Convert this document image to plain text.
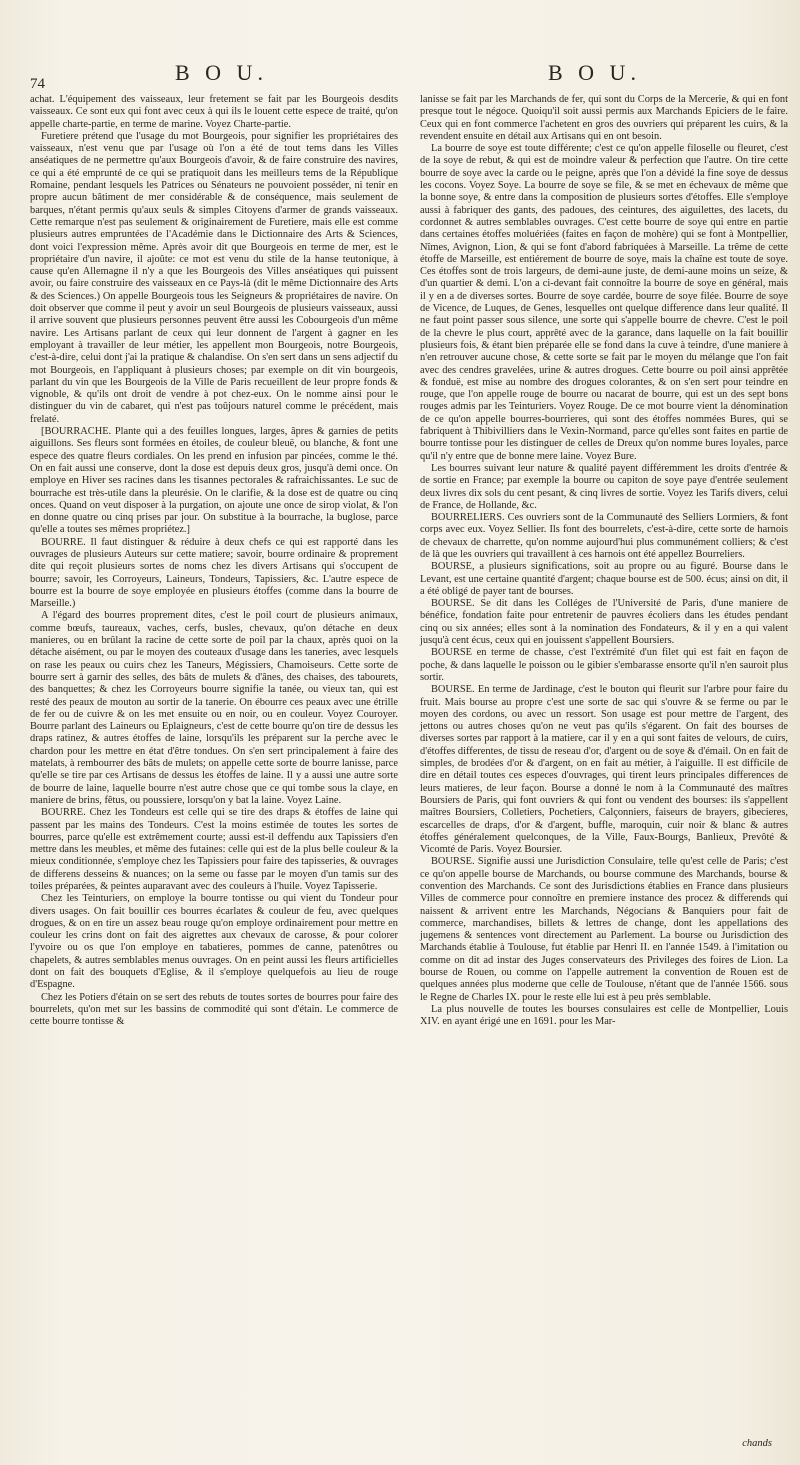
74	B O U.	B O U.

achat. L'équipement des vaisseaux, leur fretement se fait par les Bourgeois desdits vaisseaux. Ce sont eux qui font avec ceux à qui ils le louent cette espece de traité, qu'on appelle charte-partie, en terme de marine. Voyez Charte-partie.

Furetiere prétend que l'usage du mot Bourgeois, pour signifier les propriétaires des vaisseaux, n'est venu que par l'usage où l'on a été de tout tems dans les Villes anséatiques de ne permettre qu'aux Bourgeois d'avoir, & de faire construire des navires, ce qui a été emprunté de ce qui se pratiquoit dans les meilleurs tems de la République Romaine, pendant lesquels les Patrices ou Sénateurs ne pouvoient posséder, ni tenir en propre aucun bâtiment de mer considérable & de conséquence, mais seulement de barques, n'étant permis qu'aux seuls & simples Citoyens d'armer de grands vaisseaux. Cette remarque n'est pas seulement & originairement de Furetiere, mais elle est comme plusieurs autres empruntées de l'Académie dans le Dictionnaire des Arts & Sciences, dont voici l'expression même. Après avoir dit que Bourgeois en terme de mer, est le propriétaire d'un navire, il ajoûte: ce mot est venu du stile de la hanse teutonique, à cause qu'en Allemagne il n'y a que les Bourgeois des Villes anséatiques qui puissent avoir, ou faire construire des vaisseaux en ce Pays-là (dit le même Dictionnaire des Arts & des Sciences.) On appelle Bourgeois tous les Seigneurs & propriétaires de navire. On doit observer que comme il peut y avoir un seul Bourgeois de plusieurs vaisseaux, aussi il arrive souvent que plusieurs personnes peuvent être aussi les Cobourgeois d'un même navire. Les Artisans parlant de ceux qui leur donnent de l'argent à gagner en les employant à travailler de leur métier, les appellent mon Bourgeois, notre Bourgeois, c'est-à-dire, celui dont j'ai la pratique & chalandise. On s'en sert dans un sens adjectif du mot Bourgeois, en l'appliquant à plusieurs choses; par exemple on dit vin bourgeois, parlant du vin que les Bourgeois de la Ville de Paris recueillent de leur propre fonds & vignoble, & qu'ils ont droit de vendre à pot chez-eux. On le nomme ainsi pour le distinguer du vin de cabaret, qui n'est pas toûjours naturel comme le précédent, mais frelaté.

[BOURRACHE. Plante qui a des feuilles longues, larges, âpres & garnies de petits aiguillons. Ses fleurs sont formées en étoiles, de couleur bleuë, ou blanche, & font une espece des quatre fleurs cordiales. On les prend en infusion par pincées, comme le thé. On en fait aussi une conserve, dont la dose est depuis deux gros, jusqu'à demi once. On employe en Hiver ses racines dans les tisannes pectorales & rafraichissantes. Le suc de bourrache est très-utile dans la pleurésie. On le clarifie, & la dose est de quatre ou cinq onces. Quand on veut disposer à la purgation, on ajoute une once de sirop violat, & l'on en donne quatre ou cinq prises par jour. On substitue à la bourrache, la buglose, parce qu'elle a toutes ses mêmes propriétez.]

BOURRE. Il faut distinguer & réduire à deux chefs ce qui est rapporté dans les ouvrages de plusieurs Auteurs sur cette matiere; savoir, bourre ordinaire & proprement dite qui reçoit plusieurs sortes de noms chez les divers Artisans qui s'occupent de bourre; savoir, les Corroyeurs, Laineurs, Tondeurs, Tapissiers, &c. L'autre espece de bourre est la bourre de soye employée en plusieurs étoffes (comme dans la bourre de Marseille.)

A l'égard des bourres proprement dites, c'est le poil court de plusieurs animaux, comme bœufs, taureaux, vaches, cerfs, busles, chevaux, qu'on détache en deux manieres, ou en brûlant la racine de cette sorte de poil par la chaux, après quoi on la détache aisément, ou par le moyen des couteaux d'usage dans les taneries, avec lesquels on rase les peaux ou cuirs chez les Taneurs, Mégissiers, Chamoiseurs. Cette sorte de bourre sert à garnir des selles, des bâts de mulets & d'ânes, des chaises, des tabourets, des banquettes; & chez les Corroyeurs bourre signifie la tanée, ou vieux tan, qui est resté des peaux de mouton au sortir de la tanerie. On ébourre ces peaux avec une étrille de fer ou de cuivre & on les met ensuite ou en noir, ou en couleur. Voyez Couroyer. Bourre parlant des Laineurs ou Eplaigneurs, c'est de cette bourre qu'on tire de dessus les draps ratinez, & autres étoffes de laine, lorsqu'ils les préparent sur la perche avec le chardon pour les mettre en état d'être tondues. On s'en sert principalement à faire des matelats, à rembourrer des bâts de mulets; on appelle cette sorte de bourre lanisse, parce qu'elle se tire par ces Artisans de dessus les étoffes de laine. Il y a aussi une autre sorte de bourre de laine, laquelle bourre n'est autre chose que ce qui tombe sous la claye, en maniere de brins, fêtus, ou poussiere, lorsqu'on y bat la laine. Voyez Laine.

BOURRE. Chez les Tondeurs est celle qui se tire des draps & étoffes de laine qui passent par les mains des Tondeurs. C'est la moins estimée de toutes les sortes de bourres, parce qu'elle est extrêmement courte; aussi est-il deffendu aux Tapissiers d'en mettre dans les meubles, et même des futaines: celle qui est de la plus belle couleur & la mieux conditionnée, s'employe chez les Tapissiers pour faire des tapisseries, & ouvrages de differens desseins & nuances; on la seme ou fasse par le moyen d'un tamis sur des toiles préparées, & peintes auparavant avec des couleurs à l'huile. Voyez Tapisserie.

Chez les Teinturiers, on employe la bourre tontisse ou qui vient du Tondeur pour divers usages. On fait bouillir ces bourres écarlates & couleur de feu, avec quelques drogues, & on en tire un assez beau rouge qu'on employe ordinairement pour mettre en couleur les crins dont on fait des aigrettes aux chevaux de carosse, & pour colorer l'yvoire ou os que l'on employe en tabatieres, pommes de canne, patenôtres ou chapelets, & autres semblables menus ouvrages. On en peint aussi les fleurs artificielles dont on fait des bouquets d'Eglise, & il s'employe quelquefois au lieu de rouge d'Espagne.

Chez les Potiers d'étain on se sert des rebuts de toutes sortes de bourres pour faire des bourrelets, qu'on met sur les bassins de commodité qui sont d'étain. Le commerce de cette bourre tontisse &

lanisse se fait par les Marchands de fer, qui sont du Corps de la Mercerie, & qui en font presque tout le négoce. Quoiqu'il soit aussi permis aux Marchands Epiciers de le faire. Ceux qui en font commerce l'achetent en gros des ouvriers qui préparent les cuirs, & la revendent ensuite en détail aux Artisans qui en ont besoin.

La bourre de soye est toute différente; c'est ce qu'on appelle filoselle ou fleuret, c'est de la soye de rebut, & qui est de moindre valeur & perfection que l'autre. On tire cette bourre de soye avec la carde ou le peigne, après que l'on a dévidé la fine soye de dessus les cocons. Voyez Soye. La bourre de soye se file, & se met en échevaux de même que la bonne soye, & entre dans la composition de plusieurs sortes d'étoffes. Elle s'employe aussi à fabriquer des gants, des padoues, des ceintures, des aiguilettes, des lacets, du cordonnet & autres semblables ouvrages. C'est cette bourre de soye qui entre en partie dans certaines étoffes moluériées (faites en façon de mohère) qui se font à Montpellier, Nîmes, Avignon, Lion, & qui se font d'abord fabriquées à Marseille. La trême de cette étoffe de Marseille, est entiérement de bourre de soye, mais la chaîne est toute de soye. Ces étoffes sont de trois largeurs, de demi-aune juste, de demi-aune moins un seize, & d'un quartier & demi. L'on a ci-devant fait connoître la bourre de soye en général, mais il y en a de diverses sortes. Bourre de soye cardée, bourre de soye filée. Bourre de soye de Vicence, de Luques, de Genes, lesquelles ont quelque difference dans leur qualité. Il ne faut point passer sous silence, une sorte qui s'appelle bourre de chevre. C'est le poil de la chevre le plus court, apprêté avec de la garance, dans laquelle on la fait bouillir plusieurs fois, & étant bien préparée elle se fond dans la cuve à teindre, d'une maniere à n'en retrouver aucune chose, & cette sorte se fait par le moyen du mélange que l'on fait avec des cendres gravelées, urine & autres drogues. Cette bourre ou poil ainsi apprêtée & fonduë, est mise au nombre des drogues colorantes, & on s'en sert pour teindre en rouge, que l'on appelle rouge de bourre ou nacarat de bourre, qui est un des sept bons rouges admis par les Teinturiers. Voyez Rouge. De ce mot bourre vient la dénomination de ce qu'on appelle bourres-bourrieres, qui sont des étoffes nommées Bures, qui se fabriquent à Thibivilliers dans le Vexin-Normand, parce qu'elles sont faites en partie de bourre tontisse pour les distinguer de celles de Dreux qu'on nomme bures loyales, parce qu'il n'y entre que de bonne mere laine. Voyez Bure.

Les bourres suivant leur nature & qualité payent différemment les droits d'entrée & de sortie en France; par exemple la bourre ou capiton de soye paye d'entrée seulement deux livres dix sols du cent pesant, & cinq livres de sortie. Voyez les Tarifs divers, celui de France, de Hollande, &c.

BOURRELIERS. Ces ouvriers sont de la Communauté des Selliers Lormiers, & font corps avec eux. Voyez Sellier. Ils font des bourrelets, c'est-à-dire, cette sorte de harnois de chevaux de charrette, qu'on nomme aujourd'hui plus communément colliers; & c'est de là que les ouvriers qui travaillent à ces harnois ont été appellez Bourreliers.

BOURSE, a plusieurs significations, soit au propre ou au figuré. Bourse dans le Levant, est une certaine quantité d'argent; chaque bourse est de 500. écus; ainsi on dit, il a été obligé de payer tant de bourses.

BOURSE. Se dit dans les Colléges de l'Université de Paris, d'une maniere de bénéfice, fondation faite pour entretenir de pauvres écoliers dans les études pendant cinq ou six années; elles sont à la nomination des Fondateurs, & il y en a qui valent jusqu'à cent écus, ceux qui en jouissent s'appellent Boursiers.

BOURSE en terme de chasse, c'est l'extrémité d'un filet qui est fait en façon de poche, & dans laquelle le poisson ou le gibier s'embarasse ensorte qu'il n'en sauroit plus sortir.

BOURSE. En terme de Jardinage, c'est le bouton qui fleurit sur l'arbre pour faire du fruit. Mais bourse au propre c'est une sorte de sac qui s'ouvre & se ferme ou par le moyen des cordons, ou avec un ressort. Son usage est pour mettre de l'argent, des jettons ou autres choses qu'on ne veut pas qu'ils s'égarent. On fait des bourses de diverses sortes par rapport à la matiere, car il y en a qui sont faites de velours, de cuirs, d'étoffes differentes, de tissu de reseau d'or, d'argent ou de soye & d'émail. On en fait de simples, de brodées d'or & d'argent, on en fait au métier, à l'aiguille. Il est difficile de dire en détail toutes ces especes d'ouvrages, qui tirent leurs principales differences de leurs matieres, de leur façon. Bourse a donné le nom à la Communauté des maîtres Boursiers de Paris, qui font ouvriers & qui font ou vendent des bourses: ils s'appellent maîtres Boursiers, Colletiers, Pochetiers, Calçonniers, faiseurs de brayers, gibecieres, escarcelles de draps, d'or & d'argent, buffle, maroquin, cuir noir & blanc & autres étoffes généralement quelconques, de la Ville, Faux-Bourgs, Banlieux, Prevôté & Vicomté de Paris. Voyez Boursier.

BOURSE. Signifie aussi une Jurisdiction Consulaire, telle qu'est celle de Paris; c'est ce qu'on appelle bourse de Marchands, ou bourse commune des Marchands, bourse & convention des Marchands. Ce sont des Jurisdictions établies en France dans plusieurs Villes de commerce pour connoître en premiere instance des procez & differends qui naissent & arrivent entre les Marchands, Négocians & Banquiers pour fait de commerce, marchandises, billets & lettres de change, dont les appellations des jugemens & sentences vont directement au Parlement. La bourse ou Jurisdiction des Marchands établie à Toulouse, fut établie par Henri II. en l'année 1549. à l'imitation ou comme on dit ad instar des Juges conservateurs des Privileges des foires de Lion. La bourse de Rouen, ou comme on l'appelle autrement la convention de Rouen est de quelques années plus moderne que celle de Toulouse, n'étant que de l'année 1566. sous le Regne de Charles IX. pour le reste elle lui est à peu près semblable.

La plus nouvelle de toutes les bourses consulaires est celle de Montpellier, Louis XIV. en ayant érigé une en 1691. pour les Mar-

chands
